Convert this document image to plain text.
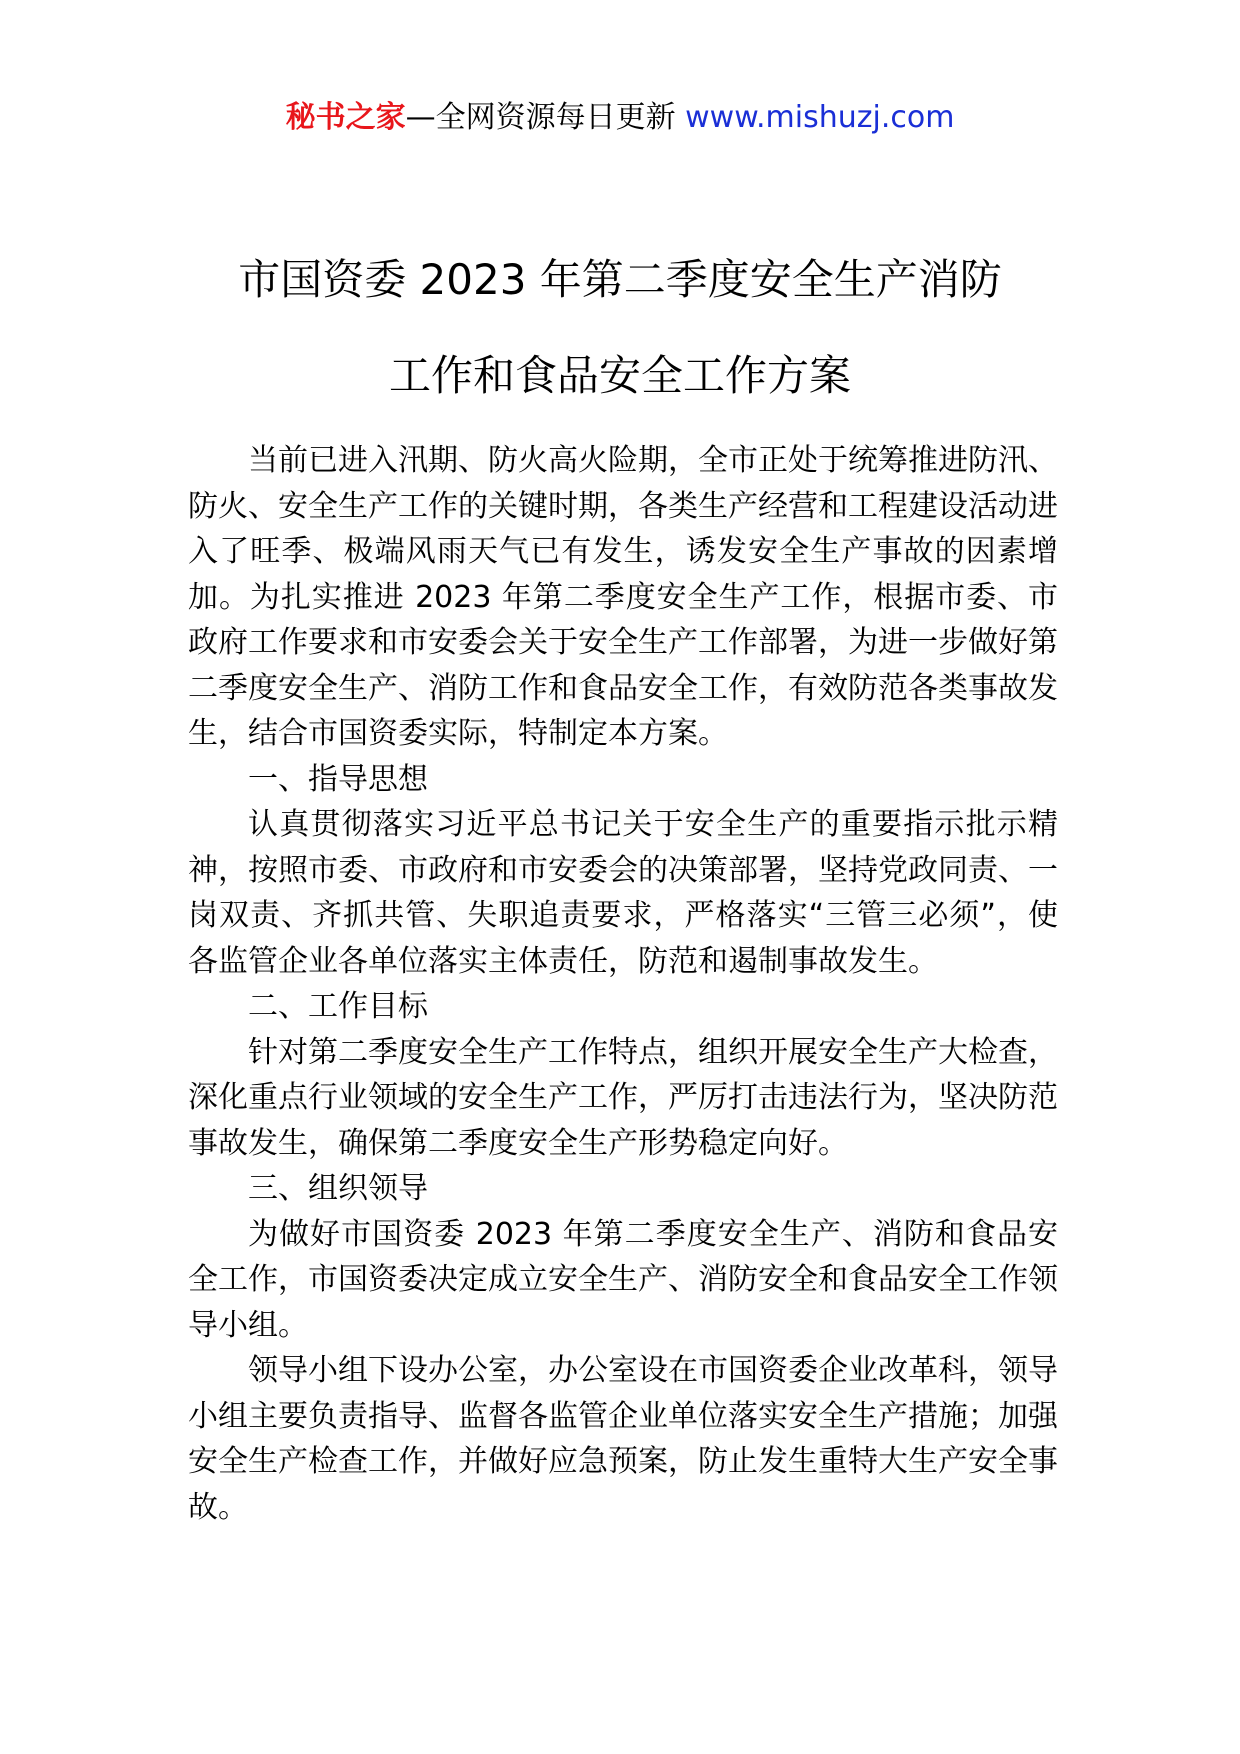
秘书之家—全网资源每日更新 www.mishuzj.com
市国资委 2023 年第二季度安全生产消防
工作和食品安全工作方案

当前已进入汛期、防火高火险期，全市正处于统筹推进防汛、防火、安全生产工作的关键时期，各类生产经营和工程建设活动进入了旺季、极端风雨天气已有发生，诱发安全生产事故的因素增加。为扎实推进 2023 年第二季度安全生产工作，根据市委、市政府工作要求和市安委会关于安全生产工作部署，为进一步做好第二季度安全生产、消防工作和食品安全工作，有效防范各类事故发生，结合市国资委实际，特制定本方案。

一、指导思想

认真贯彻落实习近平总书记关于安全生产的重要指示批示精神，按照市委、市政府和市安委会的决策部署，坚持党政同责、一岗双责、齐抓共管、失职追责要求，严格落实“三管三必须”，使各监管企业各单位落实主体责任，防范和遏制事故发生。

二、工作目标

针对第二季度安全生产工作特点，组织开展安全生产大检查，深化重点行业领域的安全生产工作，严厉打击违法行为，坚决防范事故发生，确保第二季度安全生产形势稳定向好。

三、组织领导

为做好市国资委 2023 年第二季度安全生产、消防和食品安全工作，市国资委决定成立安全生产、消防安全和食品安全工作领导小组。

领导小组下设办公室，办公室设在市国资委企业改革科，领导小组主要负责指导、监督各监管企业单位落实安全生产措施；加强安全生产检查工作，并做好应急预案，防止发生重特大生产安全事故。
